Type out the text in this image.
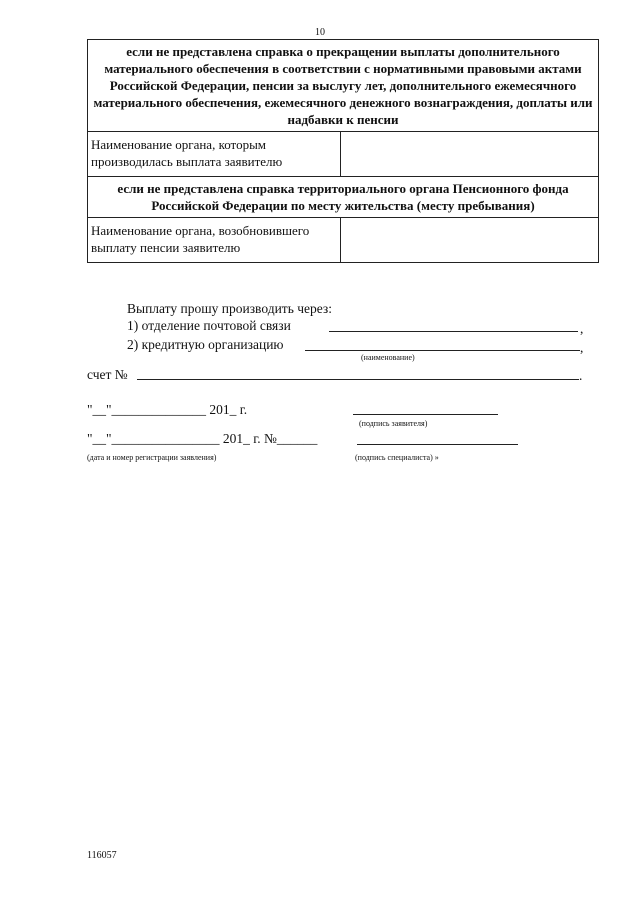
10
если не представлена справка о прекращении выплаты дополнительного материального обеспечения в соответствии с нормативными правовыми актами Российской Федерации, пенсии за выслугу лет, дополнительного ежемесячного материального обеспечения, ежемесячного денежного вознаграждения, доплаты или надбавки к пенсии	
Наименование органа, которым производилась выплата заявителю	
если не представлена справка территориального органа Пенсионного фонда Российской Федерации по месту жительства (месту пребывания)	
Наименование органа, возобновившего выплату пенсии заявителю	
Выплату прошу производить через:
1) отделение почтовой связи	,
2) кредитную организацию	,
(наименование)
счет №	.
"__"______________ 201_ г.
(подпись заявителя)
"__"________________ 201_ г. №______
(дата и номер регистрации заявления)	(подпись специалиста) »
116057
